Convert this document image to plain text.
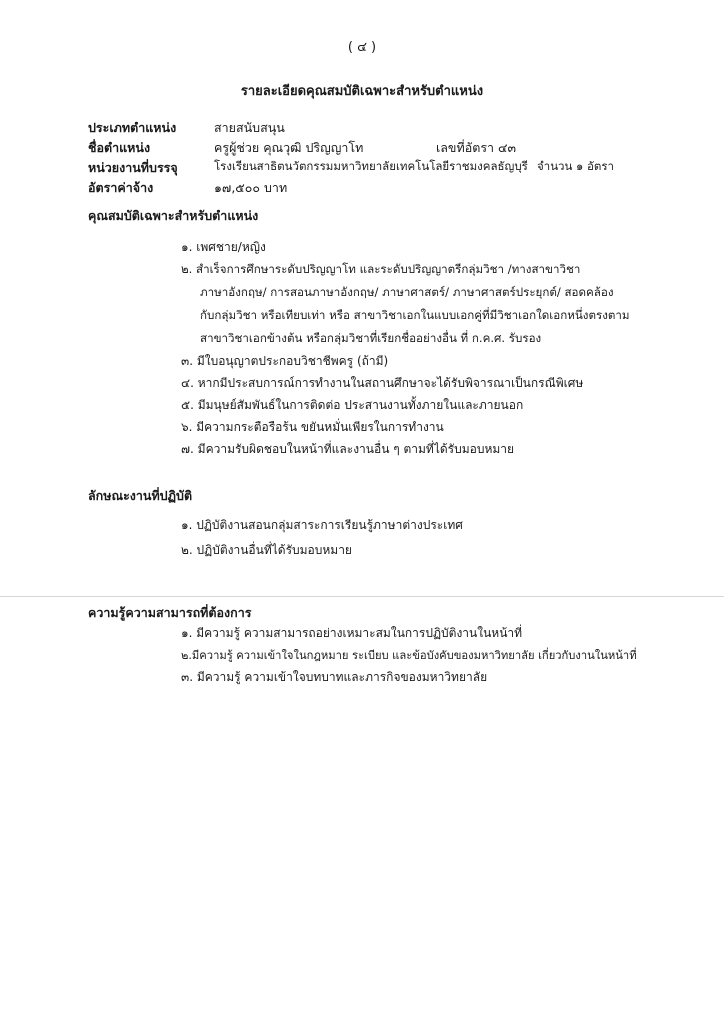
( ๔ )
รายละเอียดคุณสมบัติเฉพาะสำหรับตำแหน่ง
ประเภทตำแหน่ง	สายสนับสนุน
ชื่อตำแหน่ง	ครูผู้ช่วย คุณวุฒิ ปริญญาโท	เลขที่อัตรา ๔๓
หน่วยงานที่บรรจุ	โรงเรียนสาธิตนวัตกรรมมหาวิทยาลัยเทคโนโลยีราชมงคลธัญบุรี จำนวน ๑ อัตรา
อัตราค่าจ้าง	๑๗,๕๐๐ บาท
คุณสมบัติเฉพาะสำหรับตำแหน่ง
๑. เพศชาย/หญิง
๒. สำเร็จการศึกษาระดับปริญญาโท และระดับปริญญาตรีกลุ่มวิชา /ทางสาขาวิชา
ภาษาอังกฤษ/ การสอนภาษาอังกฤษ/ ภาษาศาสตร์/ ภาษาศาสตร์ประยุกต์/ สอดคล้อง
กับกลุ่มวิชา หรือเทียบเท่า หรือ สาขาวิชาเอกในแบบเอกคู่ที่มีวิชาเอกใดเอกหนึ่งตรงตาม
สาขาวิชาเอกข้างต้น หรือกลุ่มวิชาที่เรียกชื่ออย่างอื่น ที่ ก.ค.ศ. รับรอง
๓. มีใบอนุญาตประกอบวิชาชีพครู (ถ้ามี)
๔. หากมีประสบการณ์การทำงานในสถานศึกษาจะได้รับพิจารณาเป็นกรณีพิเศษ
๕. มีมนุษย์สัมพันธ์ในการติดต่อ ประสานงานทั้งภายในและภายนอก
๖. มีความกระตือรือร้น ขยันหมั่นเพียรในการทำงาน
๗. มีความรับผิดชอบในหน้าที่และงานอื่น ๆ ตามที่ได้รับมอบหมาย
ลักษณะงานที่ปฏิบัติ
๑. ปฏิบัติงานสอนกลุ่มสาระการเรียนรู้ภาษาต่างประเทศ
๒. ปฏิบัติงานอื่นที่ได้รับมอบหมาย
ความรู้ความสามารถที่ต้องการ
๑. มีความรู้ ความสามารถอย่างเหมาะสมในการปฏิบัติงานในหน้าที่
๒.มีความรู้ ความเข้าใจในกฎหมาย ระเบียบ และข้อบังคับของมหาวิทยาลัย เกี่ยวกับงานในหน้าที่
๓. มีความรู้ ความเข้าใจบทบาทและภารกิจของมหาวิทยาลัย
